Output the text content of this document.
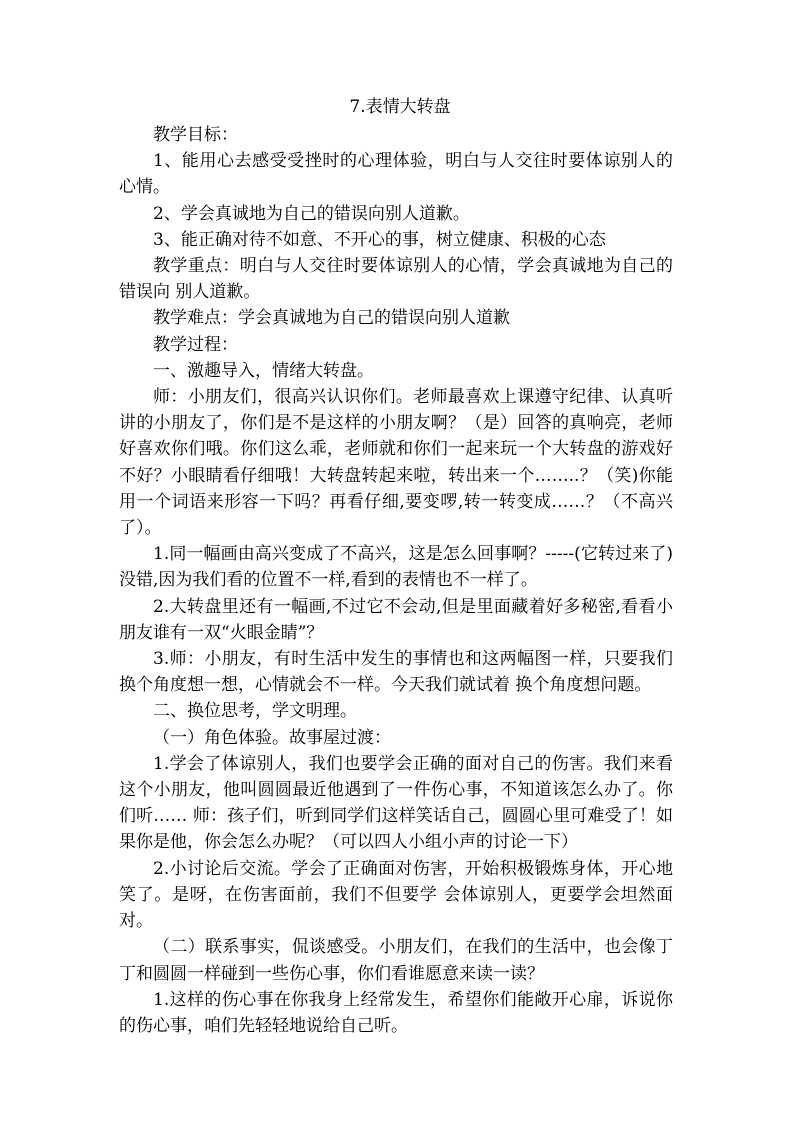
7.表情大转盘

教学目标：

1、能用心去感受受挫时的心理体验，明白与人交往时要体谅别人的心情。

2、学会真诚地为自己的错误向别人道歉。

3、能正确对待不如意、不开心的事，树立健康、积极的心态

教学重点：明白与人交往时要体谅别人的心情，学会真诚地为自己的错误向 别人道歉。

教学难点：学会真诚地为自己的错误向别人道歉

教学过程：

一、激趣导入，情绪大转盘。

师：小朋友们，很高兴认识你们。老师最喜欢上课遵守纪律、认真听讲的小朋友了，你们是不是这样的小朋友啊？（是）回答的真响亮，老师好喜欢你们哦。你们这么乖，老师就和你们一起来玩一个大转盘的游戏好不好？小眼睛看仔细哦！大转盘转起来啦，转出来一个……..？（笑)你能用一个词语来形容一下吗？再看仔细,要变啰,转一转变成……？（不高兴了）。

1.同一幅画由高兴变成了不高兴，这是怎么回事啊？-----(它转过来了)没错,因为我们看的位置不一样,看到的表情也不一样了。

2.大转盘里还有一幅画,不过它不会动,但是里面藏着好多秘密,看看小朋友谁有一双“火眼金睛”？

3.师：小朋友，有时生活中发生的事情也和这两幅图一样，只要我们换个角度想一想，心情就会不一样。今天我们就试着 换个角度想问题。

二、换位思考，学文明理。

（一）角色体验。故事屋过渡：

1.学会了体谅别人，我们也要学会正确的面对自己的伤害。我们来看这个小朋友，他叫圆圆最近他遇到了一件伤心事，不知道该怎么办了。你们听…… 师：孩子们，听到同学们这样笑话自己，圆圆心里可难受了！如果你是他，你会怎么办呢？（可以四人小组小声的讨论一下）

2.小讨论后交流。学会了正确面对伤害，开始积极锻炼身体，开心地笑了。是呀，在伤害面前，我们不但要学 会体谅别人，更要学会坦然面对。

（二）联系事实，侃谈感受。小朋友们，在我们的生活中，也会像丁丁和圆圆一样碰到一些伤心事，你们看谁愿意来读一读？

1.这样的伤心事在你我身上经常发生，希望你们能敞开心扉，诉说你的伤心事，咱们先轻轻地说给自己听。
